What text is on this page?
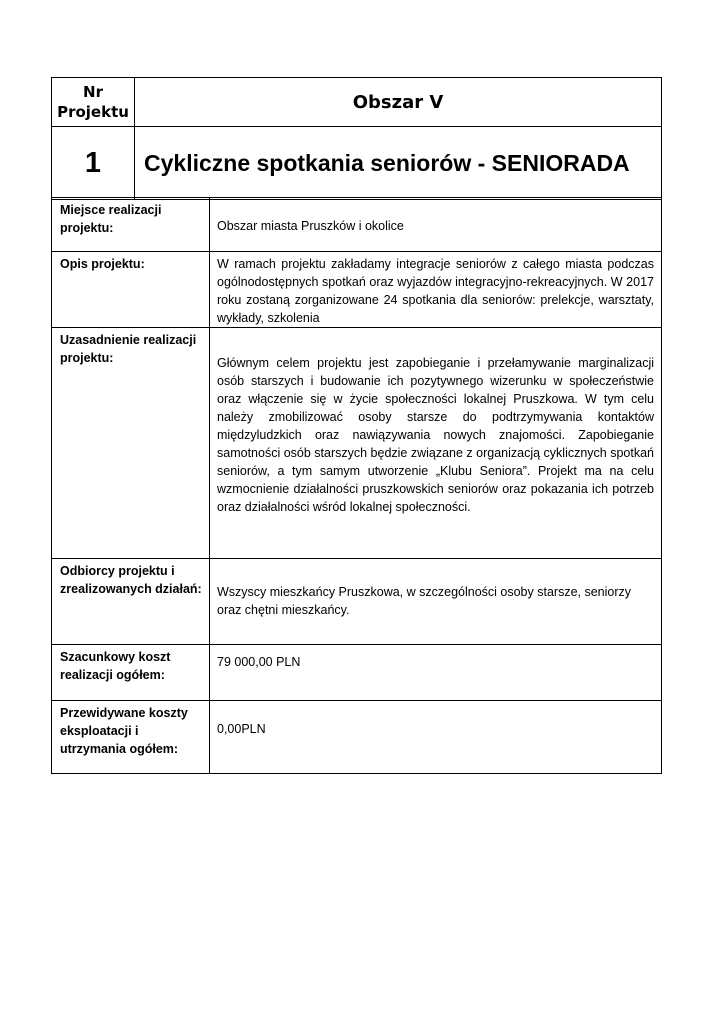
Nr Projektu	Obszar V
1	Cykliczne spotkania seniorów - SENIORADA
Miejsce realizacji projektu:	Obszar miasta Pruszków i okolice
Opis projektu:	W ramach projektu zakładamy integracje seniorów z całego miasta podczas ogólnodostępnych spotkań oraz wyjazdów integracyjno-rekreacyjnych. W 2017 roku zostaną zorganizowane 24 spotkania dla seniorów: prelekcje, warsztaty, wykłady, szkolenia
Uzasadnienie realizacji projektu:	Głównym celem projektu jest zapobieganie i przełamywanie marginalizacji osób starszych i budowanie ich pozytywnego wizerunku w społeczeństwie oraz włączenie się w życie społeczności lokalnej Pruszkowa. W tym celu należy zmobilizować osoby starsze do podtrzymywania kontaktów międzyludzkich oraz nawiązywania nowych znajomości. Zapobieganie samotności osób starszych będzie związane z organizacją cyklicznych spotkań seniorów, a tym samym utworzenie „Klubu Seniora”. Projekt ma na celu wzmocnienie działalności pruszkowskich seniorów oraz pokazania ich potrzeb oraz działalności wśród lokalnej społeczności.
Odbiorcy projektu i zrealizowanych działań:	Wszyscy mieszkańcy Pruszkowa, w szczególności osoby starsze, seniorzy oraz chętni mieszkańcy.
Szacunkowy koszt realizacji ogółem:	79 000,00 PLN
Przewidywane koszty eksploatacji i utrzymania ogółem:	0,00PLN
